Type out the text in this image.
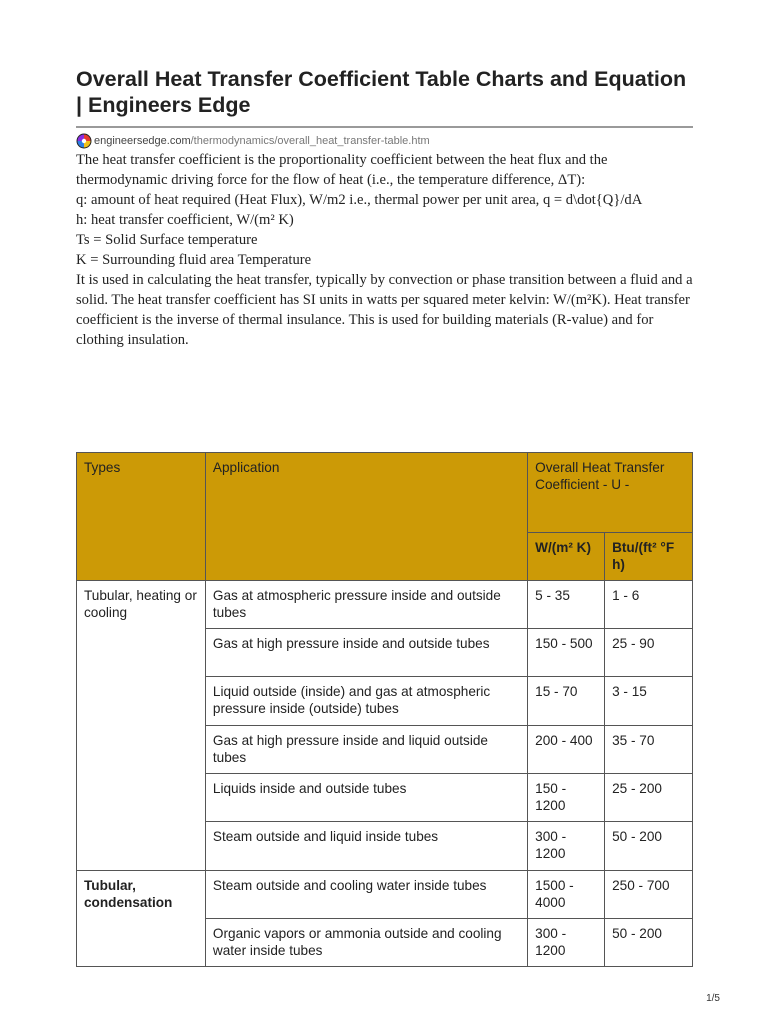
Overall Heat Transfer Coefficient Table Charts and Equation | Engineers Edge
engineersedge.com /thermodynamics/overall_heat_transfer-table.htm

The heat transfer coefficient is the proportionality coefficient between the heat flux and the thermodynamic driving force for the flow of heat (i.e., the temperature difference, ΔT):

q: amount of heat required (Heat Flux), W/m2 i.e., thermal power per unit area, q = d\dot{Q}/dA
h: heat transfer coefficient, W/(m² K)
Ts = Solid Surface temperature
K = Surrounding fluid area Temperature

It is used in calculating the heat transfer, typically by convection or phase transition between a fluid and a solid. The heat transfer coefficient has SI units in watts per squared meter kelvin: W/(m²K). Heat transfer coefficient is the inverse of thermal insulance. This is used for building materials (R-value) and for clothing insulation.

Types	Application	Overall Heat Transfer Coefficient - U -	
		W/(m² K)	Btu/(ft² °F h)
Tubular, heating or cooling	Gas at atmospheric pressure inside and outside tubes	5 - 35	1 - 6
	Gas at high pressure inside and outside tubes	150 - 500	25 - 90
	Liquid outside (inside) and gas at atmospheric pressure inside (outside) tubes	15 - 70	3 - 15
	Gas at high pressure inside and liquid outside tubes	200 - 400	35 - 70
	Liquids inside and outside tubes	150 - 1200	25 - 200
	Steam outside and liquid inside tubes	300 - 1200	50 - 200
Tubular, condensation	Steam outside and cooling water inside tubes	1500 - 4000	250 - 700
	Organic vapors or ammonia outside and cooling water inside tubes	300 - 1200	50 - 200
1/5
